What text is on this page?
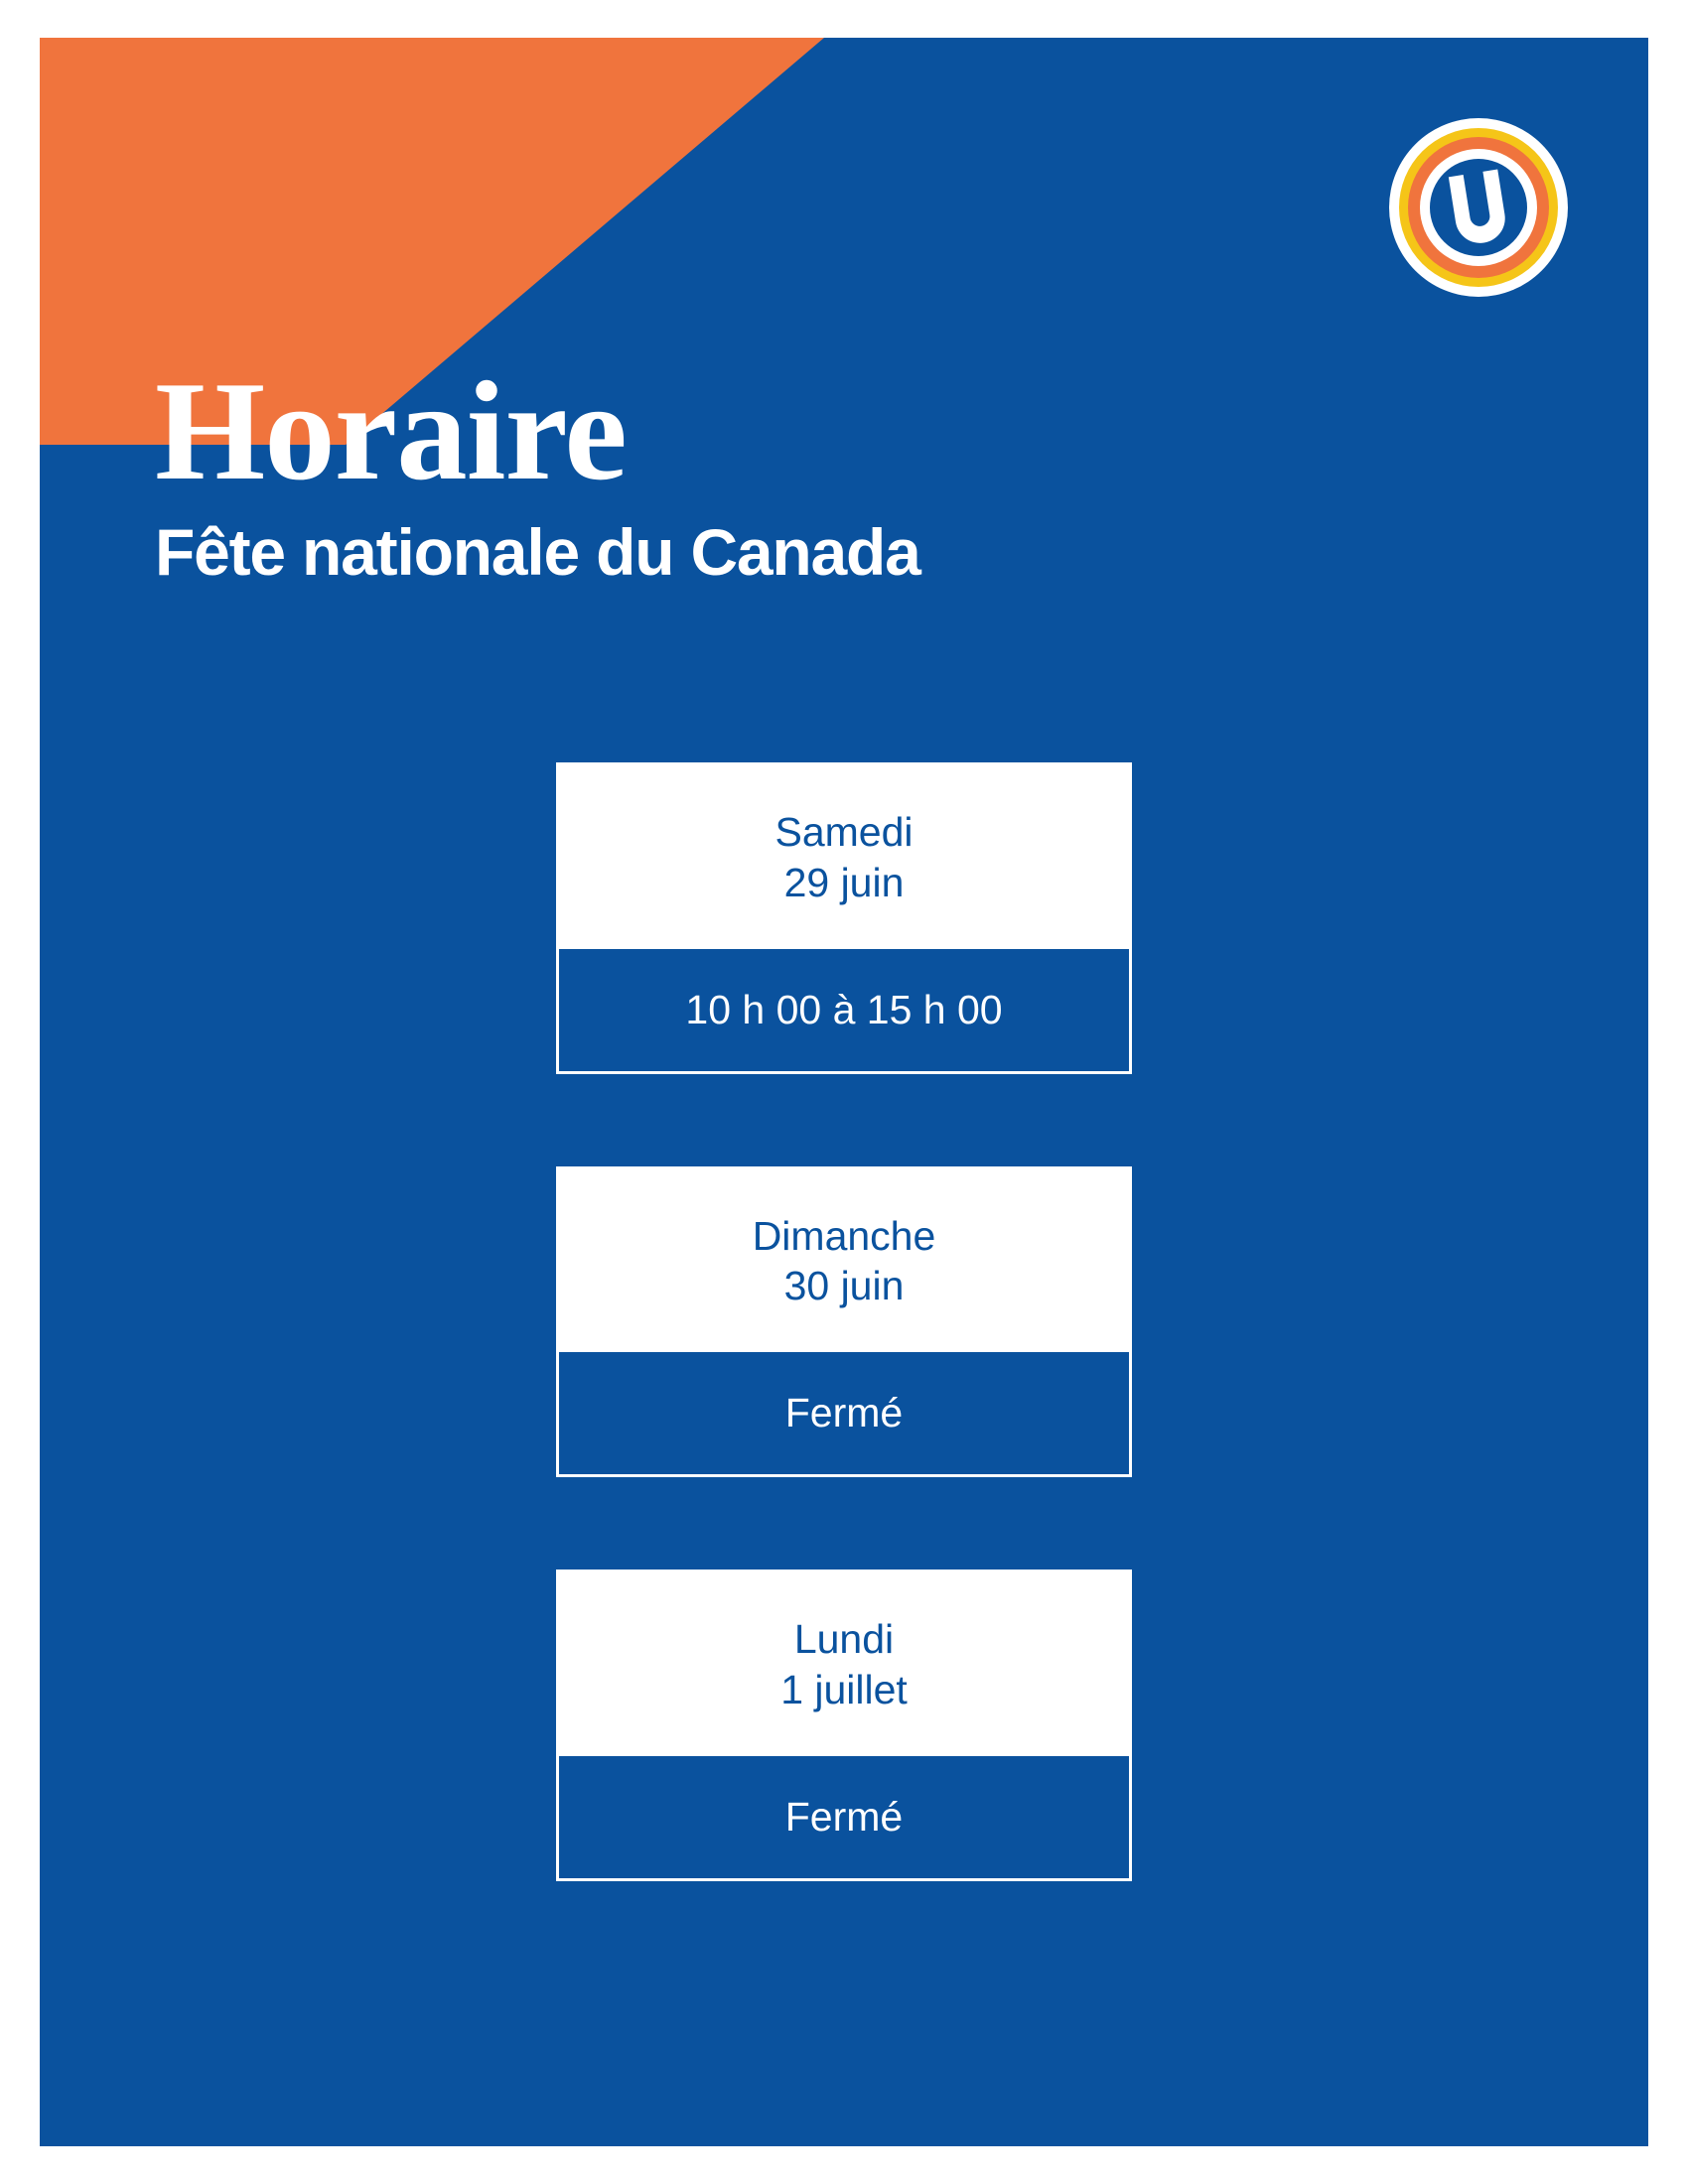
Horaire
Fête nationale du Canada
Samedi
29 juin
10 h 00 à 15 h 00
Dimanche
30 juin
Fermé
Lundi
1 juillet
Fermé
